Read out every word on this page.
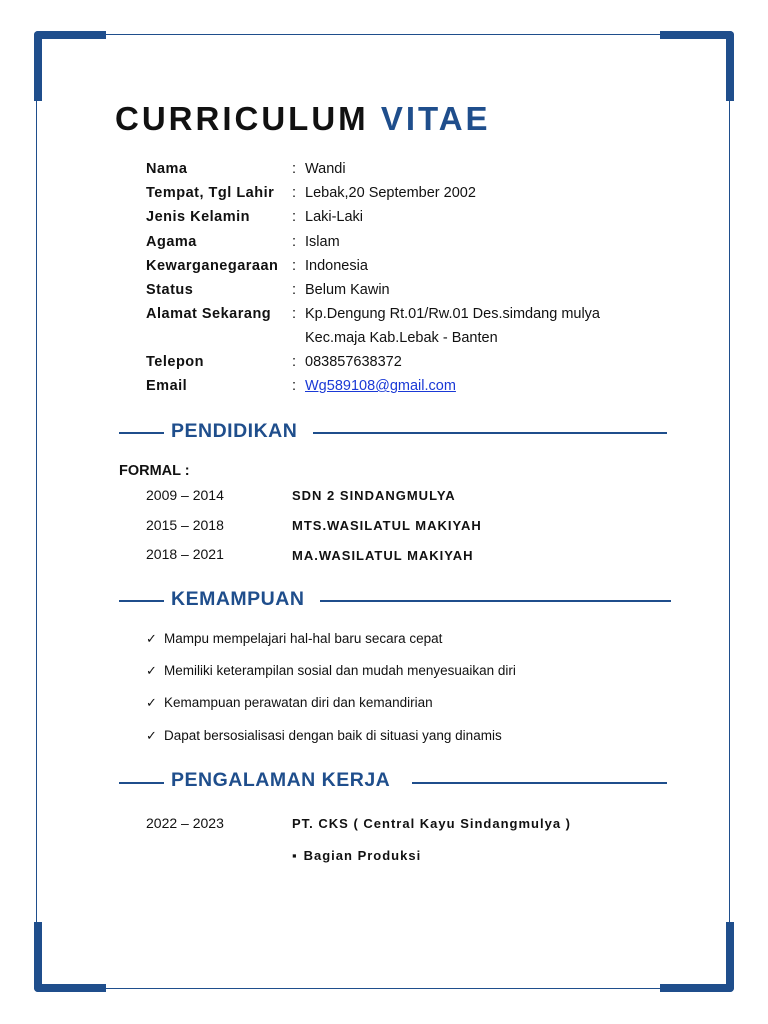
CURRICULUM VITAE
Nama	: Wandi
Tempat, Tgl Lahir : Lebak,20 September 2002
Jenis Kelamin	: Laki-Laki
Agama	: Islam
Kewarganegaraan : Indonesia
Status	: Belum Kawin
Alamat Sekarang : Kp.Dengung Rt.01/Rw.01 Des.simdang mulya
Kec.maja Kab.Lebak - Banten
Telepon	: 083857638372
Email	: Wg589108@gmail.com
PENDIDIKAN
FORMAL :
2009 – 2014	SDN 2 SINDANGMULYA
2015 – 2018	MTS.WASILATUL MAKIYAH
2018 – 2021	MA.WASILATUL MAKIYAH
KEMAMPUAN
✓ Mampu mempelajari hal-hal baru secara cepat
✓ Memiliki keterampilan sosial dan mudah menyesuaikan diri
✓ Kemampuan perawatan diri dan kemandirian
✓ Dapat bersosialisasi dengan baik di situasi yang dinamis
PENGALAMAN KERJA
2022 – 2023	PT. CKS ( Central Kayu Sindangmulya )
▪ Bagian Produksi
